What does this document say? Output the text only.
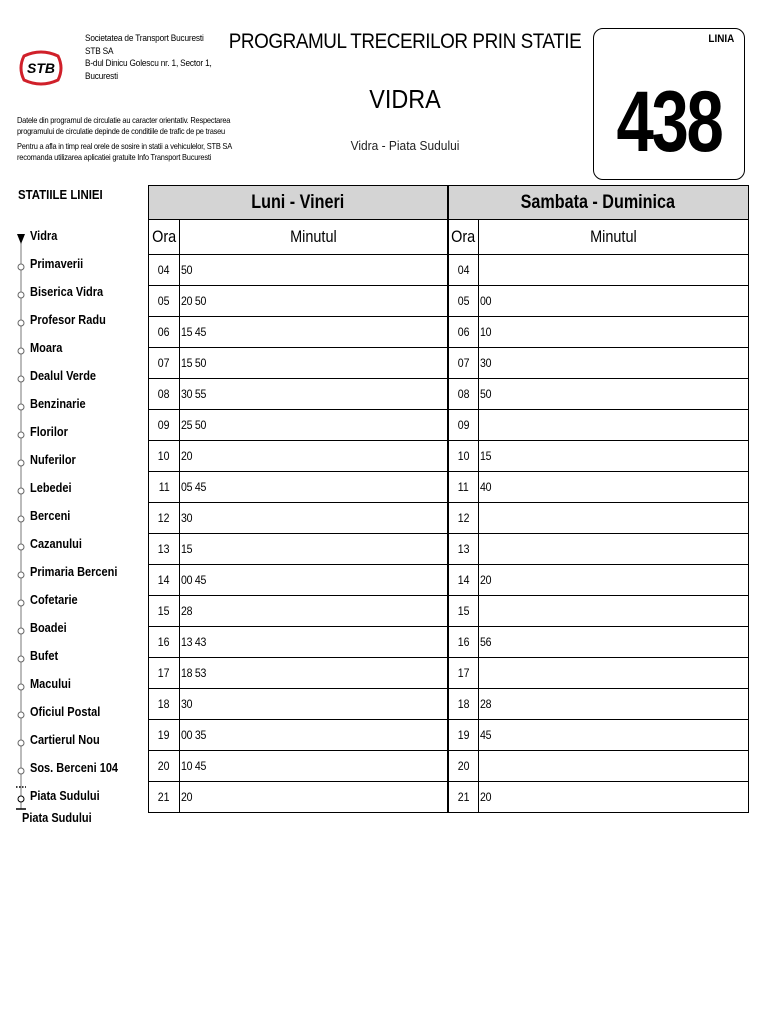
STB
Societatea de Transport Bucuresti
STB SA
B-dul Dinicu Golescu nr. 1, Sector 1,
Bucuresti

Datele din programul de circulatie au caracter orientativ. Respectarea
programului de circulatie depinde de conditiile de trafic de pe traseu

Pentru a afla in timp real orele de sosire in statii a vehiculelor, STB SA
recomanda utilizarea aplicatiei gratuite Info Transport Bucuresti

PROGRAMUL TRECERILOR PRIN STATIE
VIDRA
Vidra - Piata Sudului
LINIA
438
STATIILE LINIEI
Vidra
Primaverii
Biserica Vidra
Profesor Radu
Moara
Dealul Verde
Benzinarie
Florilor
Nuferilor
Lebedei
Berceni
Cazanului
Primaria Berceni
Cofetarie
Boadei
Bufet
Macului
Oficiul Postal
Cartierul Nou
Sos. Berceni 104
Piata Sudului
Piata Sudului
Luni - Vineri		Sambata - Duminica	
Ora	Minutul	Ora	Minutul
04	50	04	
05	20 50	05	00
06	15 45	06	10
07	15 50	07	30
08	30 55	08	50
09	25 50	09	
10	20	10	15
11	05 45	11	40
12	30	12	
13	15	13	
14	00 45	14	20
15	28	15	
16	13 43	16	56
17	18 53	17	
18	30	18	28
19	00 35	19	45
20	10 45	20	
21	20	21	20
